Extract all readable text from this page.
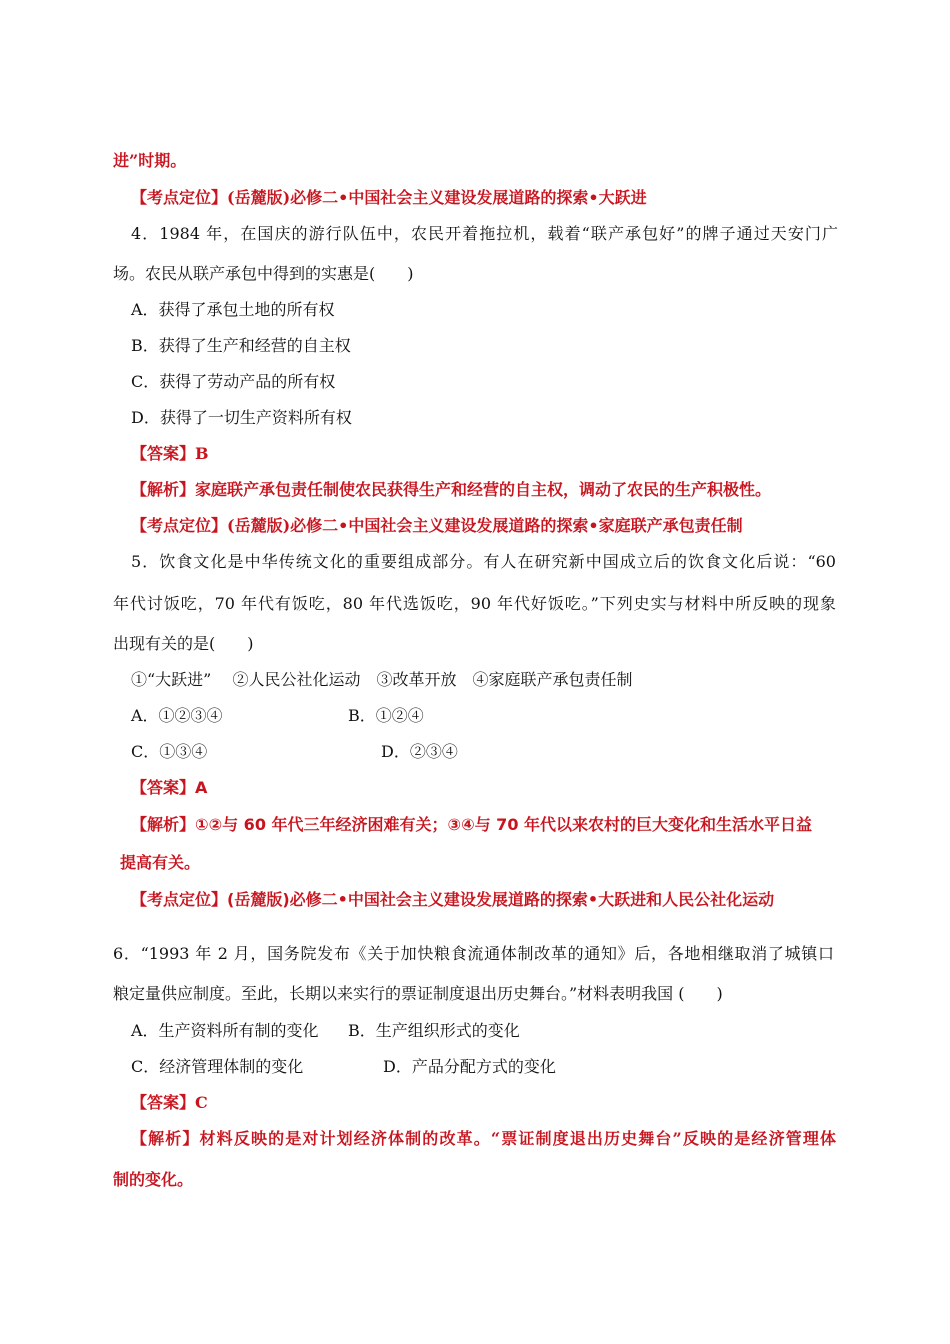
进”时期。
【考点定位】(岳麓版)必修二•中国社会主义建设发展道路的探索•大跃进
4．1984 年，在国庆的游行队伍中，农民开着拖拉机，载着“联产承包好”的牌子通过天安门广
场。农民从联产承包中得到的实惠是(　　)
A．获得了承包土地的所有权
B．获得了生产和经营的自主权
C．获得了劳动产品的所有权
D．获得了一切生产资料所有权
【答案】B
【解析】家庭联产承包责任制使农民获得生产和经营的自主权，调动了农民的生产积极性。
【考点定位】(岳麓版)必修二•中国社会主义建设发展道路的探索•家庭联产承包责任制
5．饮食文化是中华传统文化的重要组成部分。有人在研究新中国成立后的饮食文化后说：“60
年代讨饭吃，70 年代有饭吃，80 年代选饭吃，90 年代好饭吃。”下列史实与材料中所反映的现象
出现有关的是(　　)
①“大跃进”　 ②人民公社化运动　③改革开放　④家庭联产承包责任制
A．①②③④	B．①②④
C．①③④	D．②③④
【答案】A
【解析】①②与 60 年代三年经济困难有关；③④与 70 年代以来农村的巨大变化和生活水平日益
提高有关。
【考点定位】(岳麓版)必修二•中国社会主义建设发展道路的探索•大跃进和人民公社化运动
6．“1993 年 2 月，国务院发布《关于加快粮食流通体制改革的通知》后，各地相继取消了城镇口
粮定量供应制度。至此，长期以来实行的票证制度退出历史舞台。”材料表明我国 (　　)
A．生产资料所有制的变化 B．生产组织形式的变化
C．经济管理体制的变化	D．产品分配方式的变化
【答案】C
【解析】材料反映的是对计划经济体制的改革。“票证制度退出历史舞台”反映的是经济管理体
制的变化。
